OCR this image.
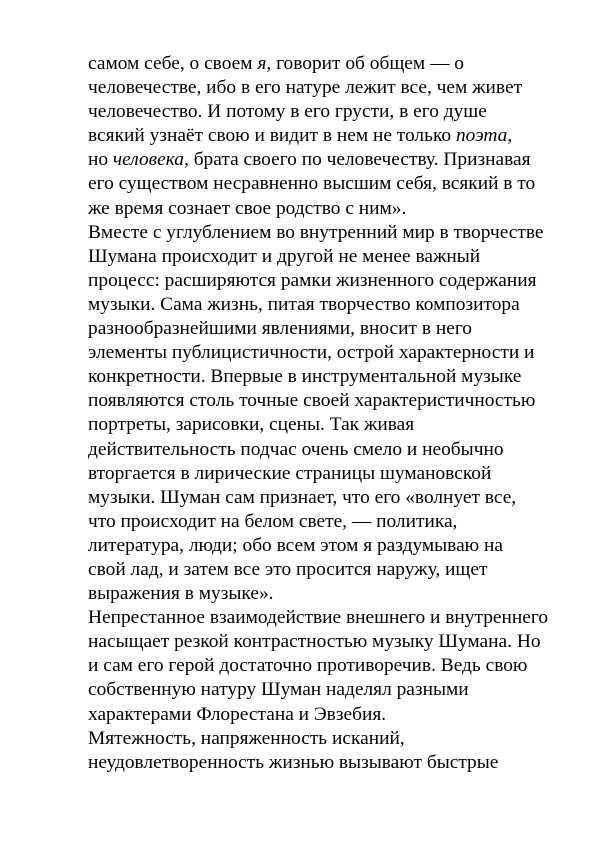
самом себе, о своем я, говорит об общем — о
человечестве, ибо в его натуре лежит все, чем живет
человечество. И потому в его грусти, в его душе
всякий узнаёт свою и видит в нем не только поэта,
но человека, брата своего по человечеству. Признавая
его существом несравненно высшим себя, всякий в то
же время сознает свое родство с ним».
Вместе с углублением во внутренний мир в творчестве
Шумана происходит и другой не менее важный
процесс: расширяются рамки жизненного содержания
музыки. Сама жизнь, питая творчество композитора
разнообразнейшими явлениями, вносит в него
элементы публицистичности, острой характерности и
конкретности. Впервые в инструментальной музыке
появляются столь точные своей характеристичностью
портреты, зарисовки, сцены. Так живая
действительность подчас очень смело и необычно
вторгается в лирические страницы шумановской
музыки. Шуман сам признает, что его «волнует все,
что происходит на белом свете, — политика,
литература, люди; обо всем этом я раздумываю на
свой лад, и затем все это просится наружу, ищет
выражения в музыке».
Непрестанное взаимодействие внешнего и внутреннего
насыщает резкой контрастностью музыку Шумана. Но
и сам его герой достаточно противоречив. Ведь свою
собственную натуру Шуман наделял разными
характерами Флорестана и Эвзебия.
Мятежность, напряженность исканий,
неудовлетворенность жизнью вызывают быстрые
